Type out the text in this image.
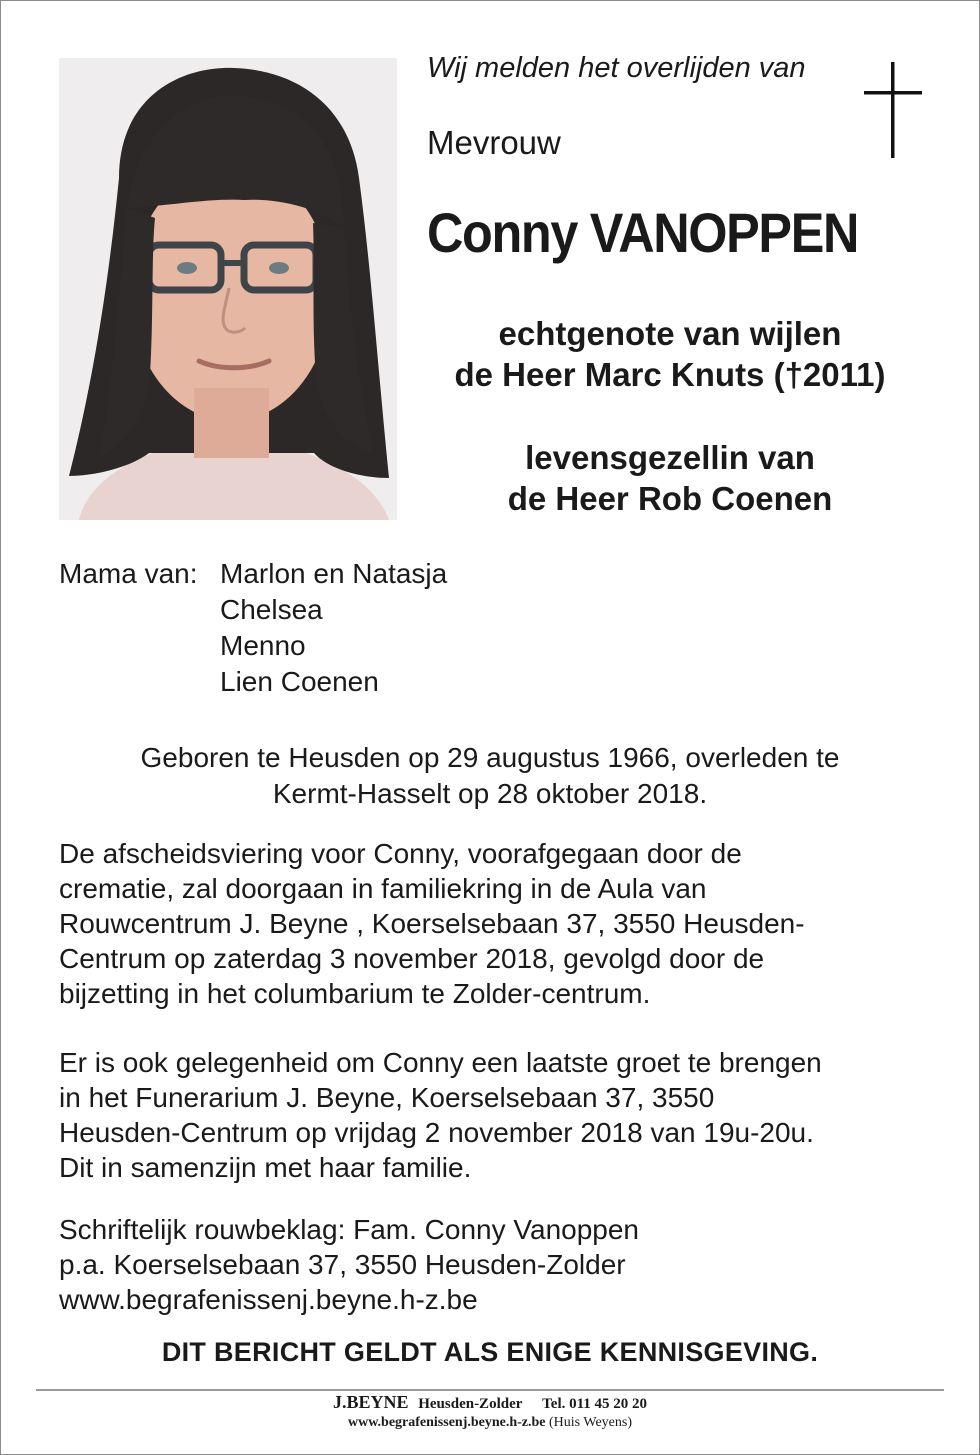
Wij melden het overlijden van
Mevrouw
Conny VANOPPEN
echtgenote van wijlen
de Heer Marc Knuts (†2011)
levensgezellin van
de Heer Rob Coenen
Mama van: Marlon en Natasja
Chelsea
Menno
Lien Coenen
Geboren te Heusden op 29 augustus 1966, overleden te
Kermt-Hasselt op 28 oktober 2018.
De afscheidsviering voor Conny, voorafgegaan door de
crematie, zal doorgaan in familiekring in de Aula van
Rouwcentrum J. Beyne , Koerselsebaan 37, 3550 Heusden-
Centrum op zaterdag 3 november 2018, gevolgd door de
bijzetting in het columbarium te Zolder-centrum.
Er is ook gelegenheid om Conny een laatste groet te brengen
in het Funerarium J. Beyne, Koerselsebaan 37, 3550
Heusden-Centrum op vrijdag 2 november 2018 van 19u-20u.
Dit in samenzijn met haar familie.
Schriftelijk rouwbeklag: Fam. Conny Vanoppen
p.a. Koerselsebaan 37, 3550 Heusden-Zolder
www.begrafenissenj.beyne.h-z.be
DIT BERICHT GELDT ALS ENIGE KENNISGEVING.
J.BEYNE Heusden-Zolder Tel. 011 45 20 20
www.begrafenissenj.beyne.h-z.be (Huis Weyens)
